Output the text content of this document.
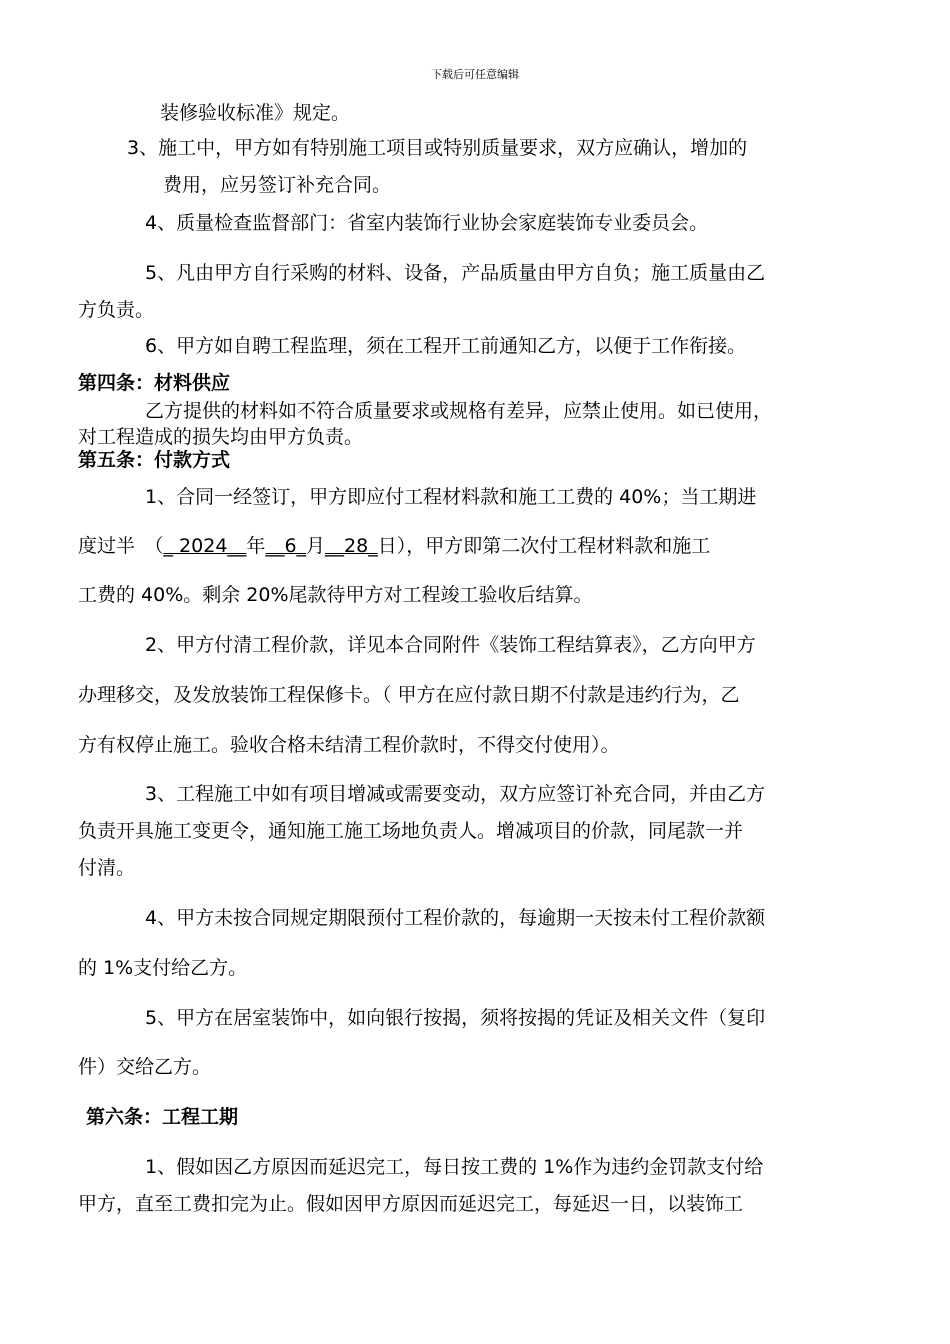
下载后可任意编辑
装修验收标准》规定。
3、施工中，甲方如有特别施工项目或特别质量要求，双方应确认，增加的
费用，应另签订补充合同。
4、质量检查监督部门：省室内装饰行业协会家庭装饰专业委员会。
5、凡由甲方自行采购的材料、设备，产品质量由甲方自负；施工质量由乙
方负责。
6、甲方如自聘工程监理，须在工程开工前通知乙方，以便于工作衔接。
第四条：材料供应
乙方提供的材料如不符合质量要求或规格有差异，应禁止使用。如已使用，
对工程造成的损失均由甲方负责。
第五条：付款方式
1、合同一经签订，甲方即应付工程材料款和施工工费的 40%；当工期进
度过半　（_ 2024__年__6_月__28_日），甲方即第二次付工程材料款和施工
工费的 40%。剩余 20%尾款待甲方对工程竣工验收后结算。
2、甲方付清工程价款，详见本合同附件《装饰工程结算表》，乙方向甲方
办理移交，及发放装饰工程保修卡。（ 甲方在应付款日期不付款是违约行为，乙
方有权停止施工。验收合格未结清工程价款时，不得交付使用）。
3、工程施工中如有项目增减或需要变动，双方应签订补充合同，并由乙方
负责开具施工变更令，通知施工施工场地负责人。增减项目的价款，同尾款一并
付清。
4、甲方未按合同规定期限预付工程价款的，每逾期一天按未付工程价款额
的 1%支付给乙方。
5、甲方在居室装饰中，如向银行按揭，须将按揭的凭证及相关文件（复印
件）交给乙方。
第六条：工程工期
1、假如因乙方原因而延迟完工，每日按工费的 1%作为违约金罚款支付给
甲方，直至工费扣完为止。假如因甲方原因而延迟完工，每延迟一日，以装饰工
